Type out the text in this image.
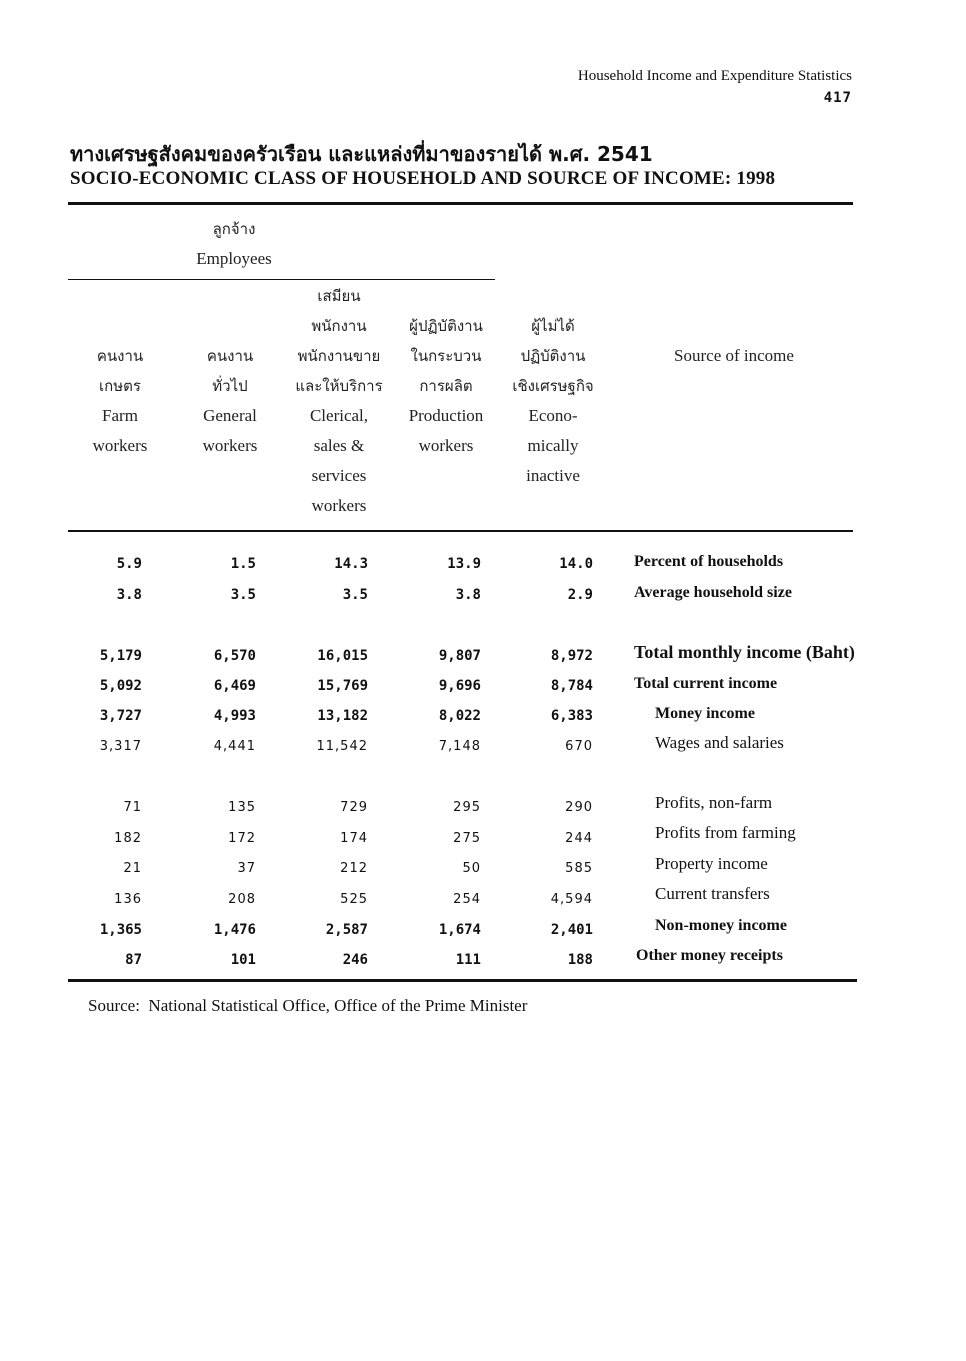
Household Income and Expenditure Statistics
417
ทางเศรษฐสังคมของครัวเรือน และแหล่งที่มาของรายได้ พ.ศ. 2541
SOCIO-ECONOMIC CLASS OF HOUSEHOLD AND SOURCE OF INCOME: 1998
ลูกจ้าง
Employees
คนงาน
เกษตร
Farm
workers
คนงาน
ทั่วไป
General
workers
เสมียน
พนักงาน
พนักงานขาย
และให้บริการ
Clerical,
sales &
services
workers
ผู้ปฏิบัติงาน
ในกระบวน
การผลิต
Production
workers
ผู้ไม่ได้
ปฏิบัติงาน
เชิงเศรษฐกิจ
Econo-
mically
inactive
Source of income
5.9	1.5	14.3	13.9	14.0	Percent of households
3.8	3.5	3.5	3.8	2.9	Average household size
5,179	6,570	16,015	9,807	8,972 Total monthly income (Baht)
5,092	6,469	15,769	9,696	8,784	Total current income
3,727	4,993	13,182	8,022	6,383	Money income
3,317	4,441	11,542	7,148	670	Wages and salaries
71	135	729	295	290	Profits, non-farm
182	172	174	275	244	Profits from farming
21	37	212	50	585	Property income
136	208	525	254	4,594	Current transfers
1,365	1,476	2,587	1,674	2,401	Non-money income
87	101	246	111	188	Other money receipts
Source:  National Statistical Office, Office of the Prime Minister
